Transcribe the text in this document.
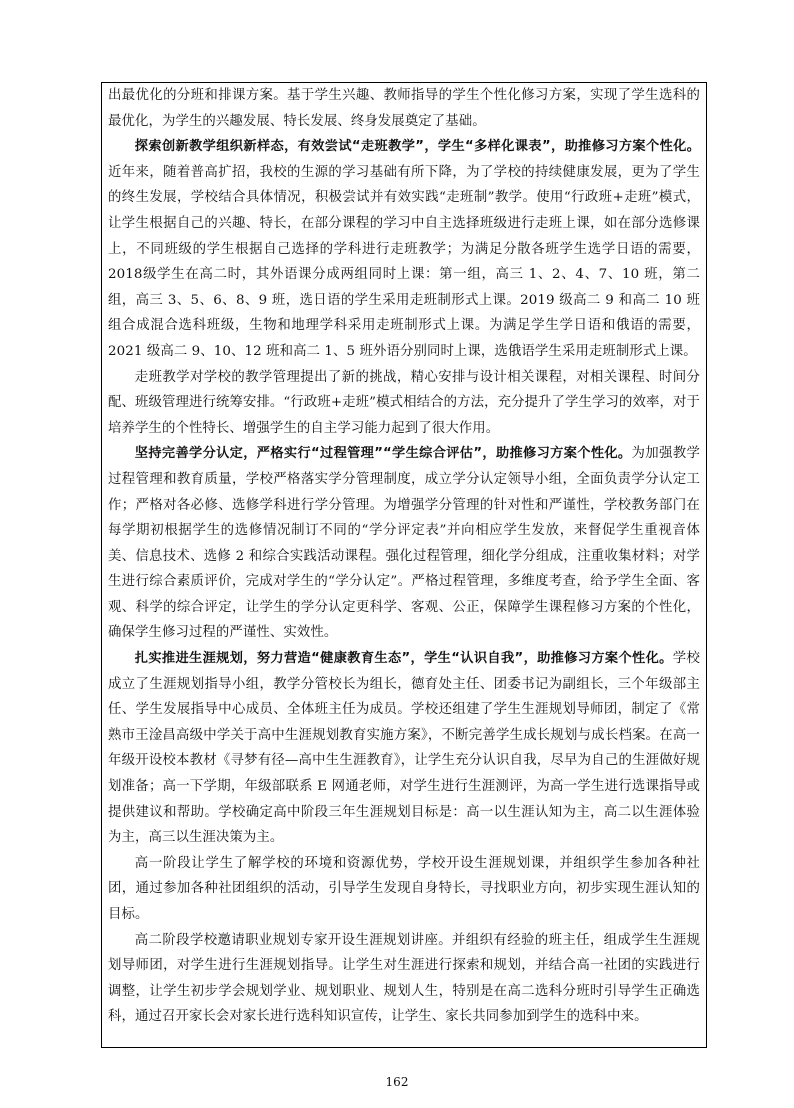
出最优化的分班和排课方案。基于学生兴趣、教师指导的学生个性化修习方案，实现了学生选科的最优化，为学生的兴趣发展、特长发展、终身发展奠定了基础。

探索创新教学组织新样态，有效尝试“走班教学”，学生“多样化课表”，助推修习方案个性化。近年来，随着普高扩招，我校的生源的学习基础有所下降，为了学校的持续健康发展，更为了学生的终生发展，学校结合具体情况，积极尝试并有效实践“走班制”教学。使用“行政班+走班”模式，让学生根据自己的兴趣、特长，在部分课程的学习中自主选择班级进行走班上课，如在部分选修课上，不同班级的学生根据自己选择的学科进行走班教学；为满足分散各班学生选学日语的需要，2018级学生在高二时，其外语课分成两组同时上课：第一组，高三 1、2、4、7、10 班，第二组，高三 3、5、6、8、9 班，选日语的学生采用走班制形式上课。2019 级高二 9 和高二 10 班组合成混合选科班级，生物和地理学科采用走班制形式上课。为满足学生学日语和俄语的需要，2021 级高二 9、10、12 班和高二 1、5 班外语分别同时上课，选俄语学生采用走班制形式上课。

走班教学对学校的教学管理提出了新的挑战，精心安排与设计相关课程，对相关课程、时间分配、班级管理进行统筹安排。“行政班+走班”模式相结合的方法，充分提升了学生学习的效率，对于培养学生的个性特长、增强学生的自主学习能力起到了很大作用。

坚持完善学分认定，严格实行“过程管理”“学生综合评估”，助推修习方案个性化。为加强教学过程管理和教育质量，学校严格落实学分管理制度，成立学分认定领导小组，全面负责学分认定工作；严格对各必修、选修学科进行学分管理。为增强学分管理的针对性和严谨性，学校教务部门在每学期初根据学生的选修情况制订不同的“学分评定表”并向相应学生发放，来督促学生重视音体美、信息技术、选修 2 和综合实践活动课程。强化过程管理，细化学分组成，注重收集材料；对学生进行综合素质评价，完成对学生的“学分认定”。严格过程管理，多维度考查，给予学生全面、客观、科学的综合评定，让学生的学分认定更科学、客观、公正，保障学生课程修习方案的个性化，确保学生修习过程的严谨性、实效性。

扎实推进生涯规划，努力营造“健康教育生态”，学生“认识自我”，助推修习方案个性化。学校成立了生涯规划指导小组，教学分管校长为组长，德育处主任、团委书记为副组长，三个年级部主任、学生发展指导中心成员、全体班主任为成员。学校还组建了学生生涯规划导师团，制定了《常熟市王淦昌高级中学关于高中生涯规划教育实施方案》，不断完善学生成长规划与成长档案。在高一年级开设校本教材《寻梦有径—高中生生涯教育》，让学生充分认识自我，尽早为自己的生涯做好规划准备；高一下学期，年级部联系 E 网通老师，对学生进行生涯测评，为高一学生进行选课指导或提供建议和帮助。学校确定高中阶段三年生涯规划目标是：高一以生涯认知为主，高二以生涯体验为主，高三以生涯决策为主。

高一阶段让学生了解学校的环境和资源优势，学校开设生涯规划课，并组织学生参加各种社团，通过参加各种社团组织的活动，引导学生发现自身特长，寻找职业方向，初步实现生涯认知的目标。

高二阶段学校邀请职业规划专家开设生涯规划讲座。并组织有经验的班主任，组成学生生涯规划导师团，对学生进行生涯规划指导。让学生对生涯进行探索和规划，并结合高一社团的实践进行调整，让学生初步学会规划学业、规划职业、规划人生，特别是在高二选科分班时引导学生正确选科，通过召开家长会对家长进行选科知识宣传，让学生、家长共同参加到学生的选科中来。

162
